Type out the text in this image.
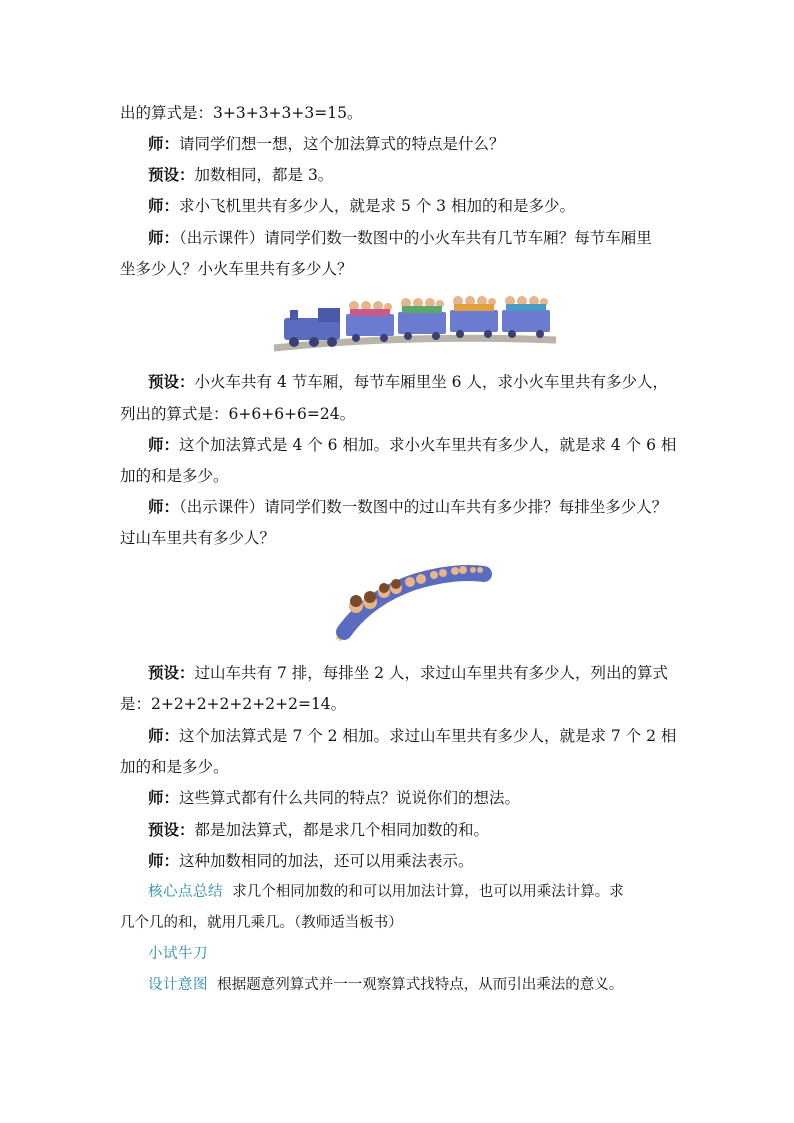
出的算式是：3+3+3+3+3=15。
师：请同学们想一想，这个加法算式的特点是什么？
预设：加数相同，都是 3。
师：求小飞机里共有多少人，就是求 5 个 3 相加的和是多少。
师：（出示课件）请同学们数一数图中的小火车共有几节车厢？每节车厢里
坐多少人？小火车里共有多少人？
预设：小火车共有 4 节车厢，每节车厢里坐 6 人，求小火车里共有多少人，
列出的算式是：6+6+6+6=24。
师：这个加法算式是 4 个 6 相加。求小火车里共有多少人，就是求 4 个 6 相
加的和是多少。
师：（出示课件）请同学们数一数图中的过山车共有多少排？每排坐多少人？
过山车里共有多少人？
预设：过山车共有 7 排，每排坐 2 人，求过山车里共有多少人，列出的算式
是：2+2+2+2+2+2+2=14。
师：这个加法算式是 7 个 2 相加。求过山车里共有多少人，就是求 7 个 2 相
加的和是多少。
师：这些算式都有什么共同的特点？说说你们的想法。
预设：都是加法算式，都是求几个相同加数的和。
师：这种加数相同的加法，还可以用乘法表示。
核心点总结 求几个相同加数的和可以用加法计算，也可以用乘法计算。求
几个几的和，就用几乘几。（教师适当板书）
小试牛刀
设计意图 根据题意列算式并一一观察算式找特点，从而引出乘法的意义。
